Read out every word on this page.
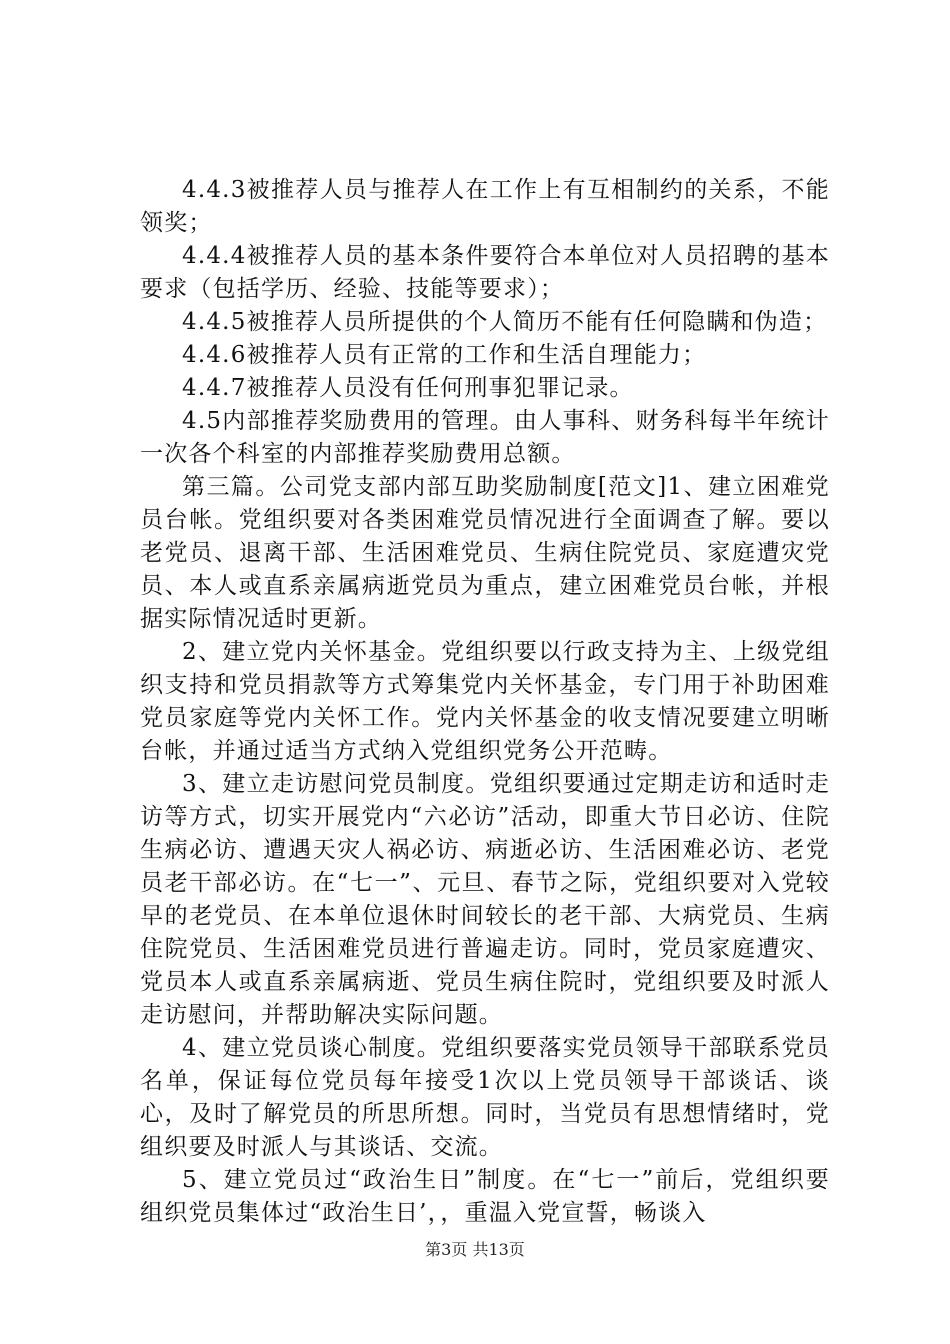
4.4.3被推荐人员与推荐人在工作上有互相制约的关系，不能领奖；

4.4.4被推荐人员的基本条件要符合本单位对人员招聘的基本要求（包括学历、经验、技能等要求）；

4.4.5被推荐人员所提供的个人简历不能有任何隐瞒和伪造；

4.4.6被推荐人员有正常的工作和生活自理能力；

4.4.7被推荐人员没有任何刑事犯罪记录。

4.5内部推荐奖励费用的管理。由人事科、财务科每半年统计一次各个科室的内部推荐奖励费用总额。

第三篇。公司党支部内部互助奖励制度[范文]1、建立困难党员台帐。党组织要对各类困难党员情况进行全面调查了解。要以老党员、退离干部、生活困难党员、生病住院党员、家庭遭灾党员、本人或直系亲属病逝党员为重点，建立困难党员台帐，并根据实际情况适时更新。

2、建立党内关怀基金。党组织要以行政支持为主、上级党组织支持和党员捐款等方式筹集党内关怀基金，专门用于补助困难党员家庭等党内关怀工作。党内关怀基金的收支情况要建立明晰台帐，并通过适当方式纳入党组织党务公开范畴。

3、建立走访慰问党员制度。党组织要通过定期走访和适时走访等方式，切实开展党内“六必访”活动，即重大节日必访、住院生病必访、遭遇天灾人祸必访、病逝必访、生活困难必访、老党员老干部必访。在“七一”、元旦、春节之际，党组织要对入党较早的老党员、在本单位退休时间较长的老干部、大病党员、生病住院党员、生活困难党员进行普遍走访。同时，党员家庭遭灾、党员本人或直系亲属病逝、党员生病住院时，党组织要及时派人走访慰问，并帮助解决实际问题。

4、建立党员谈心制度。党组织要落实党员领导干部联系党员名单，保证每位党员每年接受1次以上党员领导干部谈话、谈心，及时了解党员的所思所想。同时，当党员有思想情绪时，党组织要及时派人与其谈话、交流。

5、建立党员过“政治生日”制度。在“七一”前后，党组织要组织党员集体过“政治生日’，，重温入党宣誓，畅谈入

第3页 共13页
